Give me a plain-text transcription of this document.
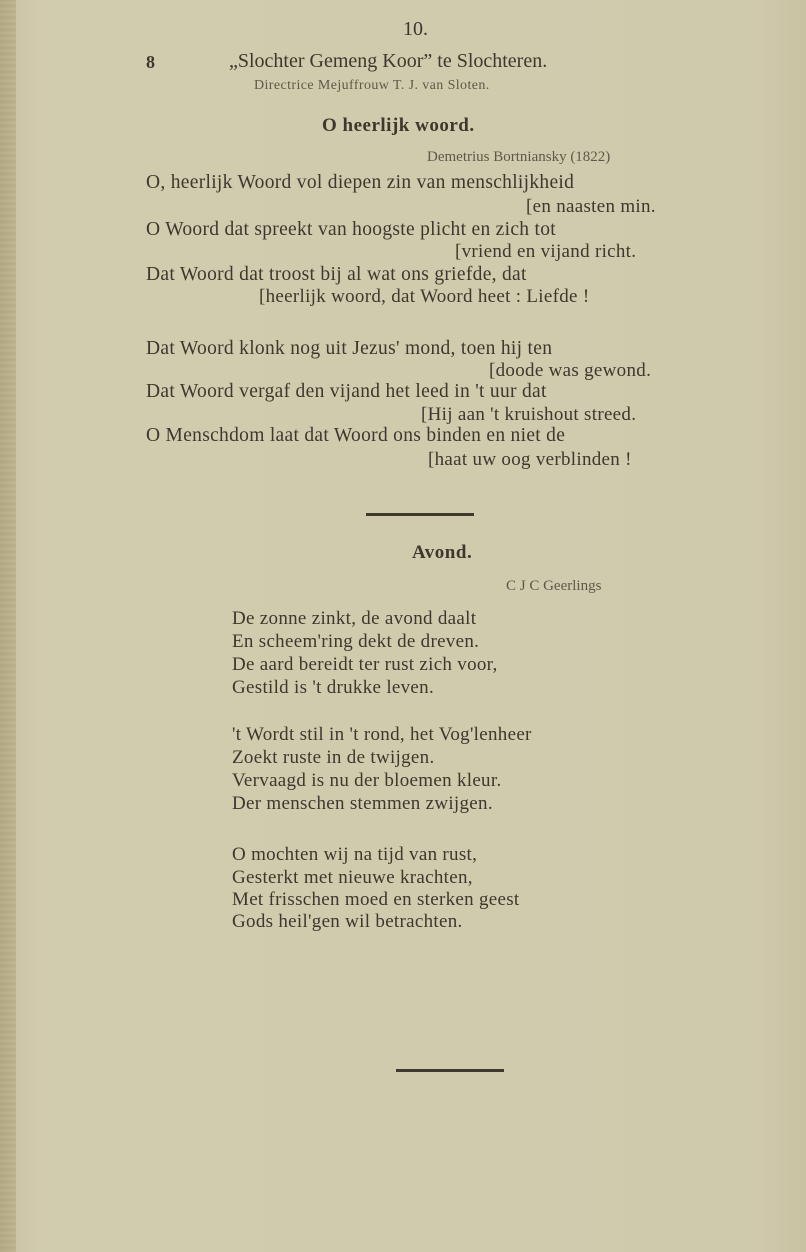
10.
8	„Slochter Gemeng Koor” te Slochteren.
Directrice Mejuffrouw T. J. van Sloten.
O heerlijk woord.
Demetrius Bortniansky (1822)
O, heerlijk Woord vol diepen zin van menschlijkheid
[en naasten min.
O Woord dat spreekt van hoogste plicht en zich tot
[vriend en vijand richt.
Dat Woord dat troost bij al wat ons griefde, dat
[heerlijk woord, dat Woord heet : Liefde !
Dat Woord klonk nog uit Jezus' mond, toen hij ten
[doode was gewond.
Dat Woord vergaf den vijand het leed in 't uur dat
[Hij aan 't kruishout streed.
O Menschdom laat dat Woord ons binden en niet de
[haat uw oog verblinden !
Avond.
C J C Geerlings
De zonne zinkt, de avond daalt
En scheem'ring dekt de dreven.
De aard bereidt ter rust zich voor,
Gestild is 't drukke leven.
't Wordt stil in 't rond, het Vog'lenheer
Zoekt ruste in de twijgen.
Vervaagd is nu der bloemen kleur.
Der menschen stemmen zwijgen.
O mochten wij na tijd van rust,
Gesterkt met nieuwe krachten,
Met frisschen moed en sterken geest
Gods heil'gen wil betrachten.
